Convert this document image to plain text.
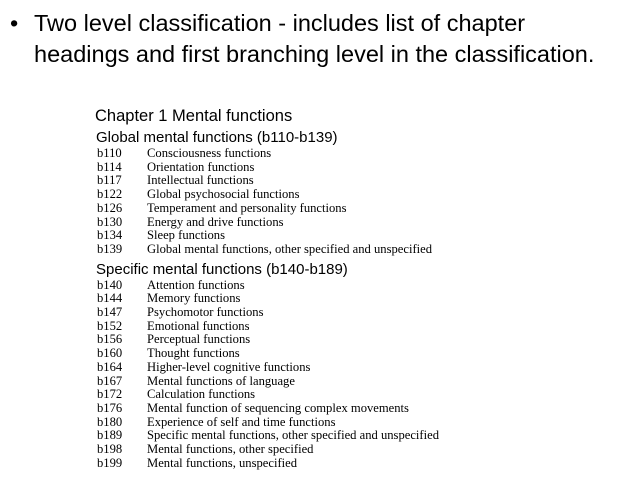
• Two level classification - includes list of chapter headings and first branching level in the classification.
Chapter 1 Mental functions
Global mental functions (b110-b139)
b110 Consciousness functions
b114 Orientation functions
b117 Intellectual functions
b122 Global psychosocial functions
b126 Temperament and personality functions
b130 Energy and drive functions
b134 Sleep functions
b139 Global mental functions, other specified and unspecified
Specific mental functions (b140-b189)
b140 Attention functions
b144 Memory functions
b147 Psychomotor functions
b152 Emotional functions
b156 Perceptual functions
b160 Thought functions
b164 Higher-level cognitive functions
b167 Mental functions of language
b172 Calculation functions
b176 Mental function of sequencing complex movements
b180 Experience of self and time functions
b189 Specific mental functions, other specified and unspecified
b198 Mental functions, other specified
b199 Mental functions, unspecified
